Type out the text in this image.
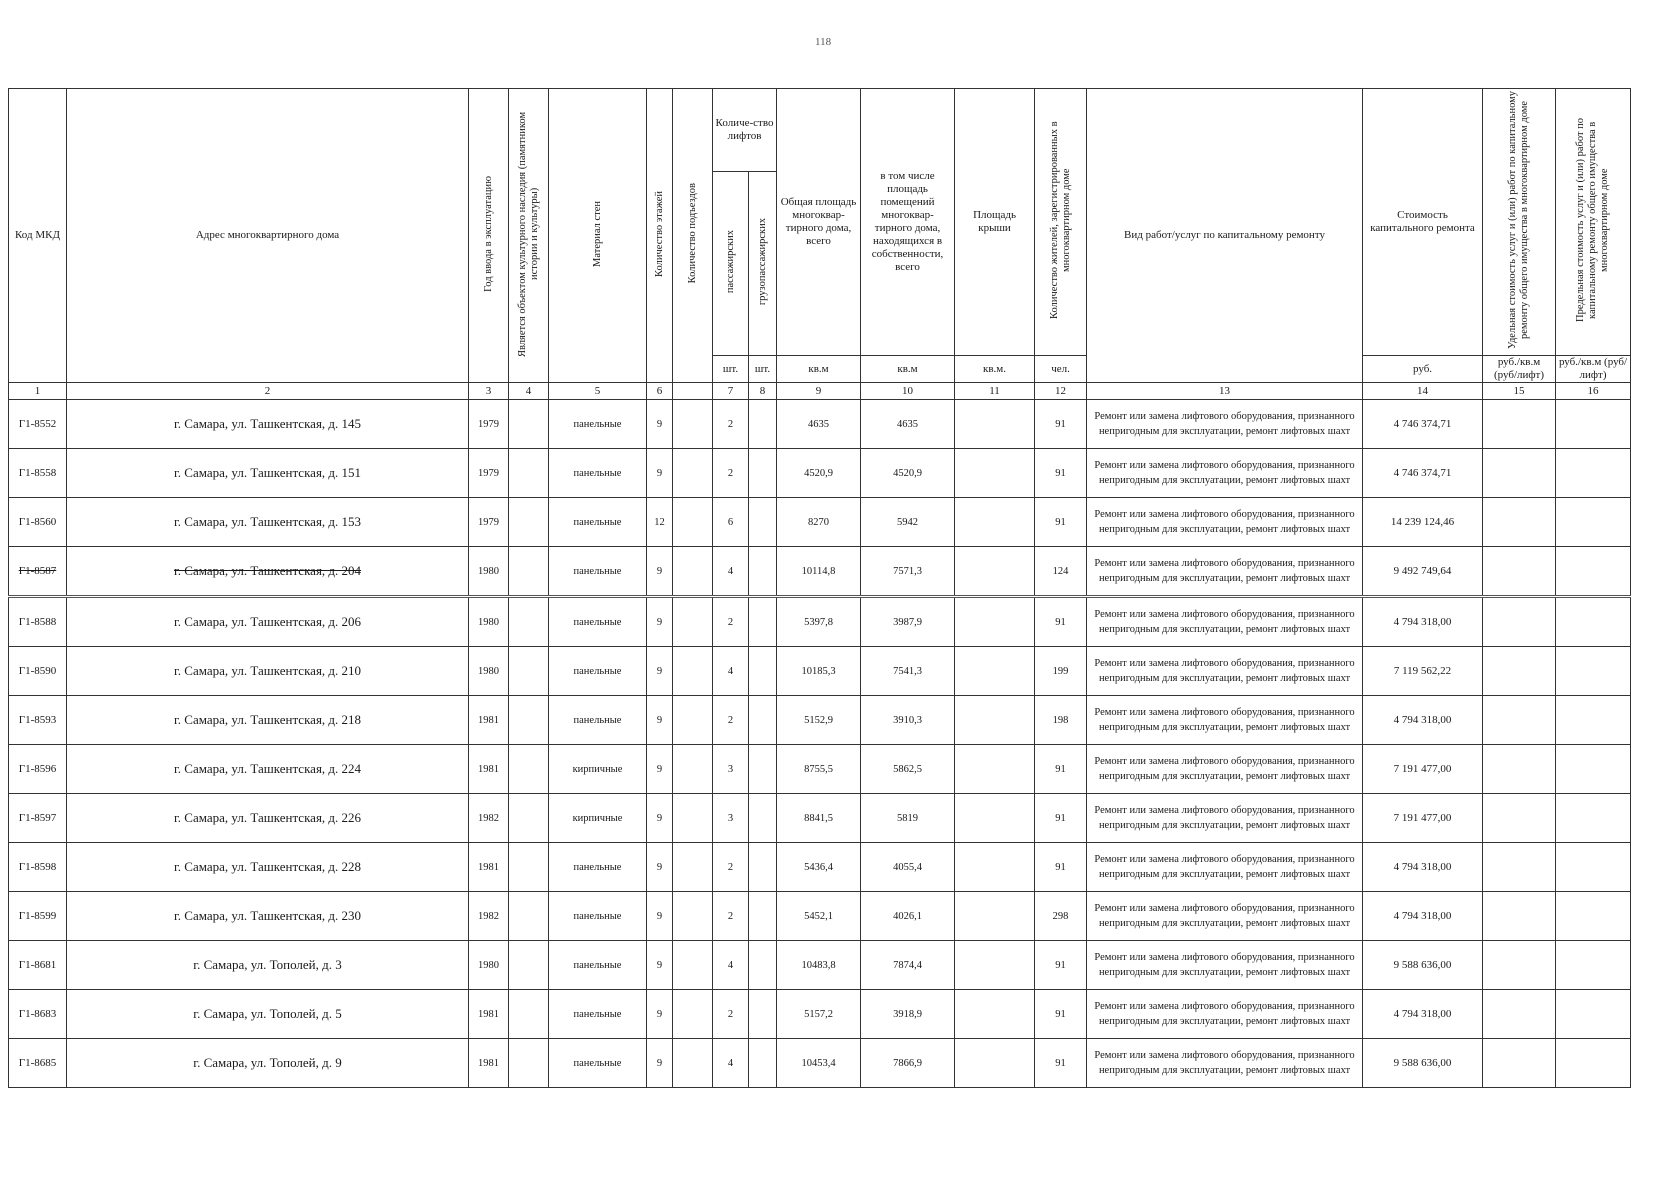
118
Код МКД	Адрес многоквартирного дома	Год ввода в эксплуатацию	Является объектом культурного наследия (памятником истории и культуры)	Материал стен	Количество этажей	Количество подъездов	Количе-ство лифтов		Общая площадь многоквар-тирного дома, всего	в том числе площадь помещений многоквар-тирного дома, находящихся в собственности, всего	Площадь крыши	Количество жителей, зарегистрированных в многоквартирном доме	Вид работ/услуг по капитальному ремонту	Стоимость капитального ремонта	Удельная стоимость услуг и (или) работ по капитальному ремонту общего имущества в многоквартирном доме	Предельная стоимость услуг и (или) работ по капитальному ремонту общего имущества в многоквартирном доме
							пассажирских	грузопассажирских								
							шт.	шт.	кв.м	кв.м	кв.м.	чел.		руб.	руб./кв.м (руб/лифт)	руб./кв.м (руб/лифт)
1	2	3	4	5	6		7	8	9	10	11	12	13	14	15	16
Г1-8552	г. Самара, ул. Ташкентская, д. 145	1979		панельные	9		2		4635	4635		91	Ремонт или замена лифтового оборудования, признанного непригодным для эксплуатации, ремонт лифтовых шахт	4 746 374,71		
Г1-8558	г. Самара, ул. Ташкентская, д. 151	1979		панельные	9		2		4520,9	4520,9		91	Ремонт или замена лифтового оборудования, признанного непригодным для эксплуатации, ремонт лифтовых шахт	4 746 374,71		
Г1-8560	г. Самара, ул. Ташкентская, д. 153	1979		панельные	12		6		8270	5942		91	Ремонт или замена лифтового оборудования, признанного непригодным для эксплуатации, ремонт лифтовых шахт	14 239 124,46		
Г1-8587	г. Самара, ул. Ташкентская, д. 204	1980		панельные	9		4		10114,8	7571,3		124	Ремонт или замена лифтового оборудования, признанного непригодным для эксплуатации, ремонт лифтовых шахт	9 492 749,64		
Г1-8588	г. Самара, ул. Ташкентская, д. 206	1980		панельные	9		2		5397,8	3987,9		91	Ремонт или замена лифтового оборудования, признанного непригодным для эксплуатации, ремонт лифтовых шахт	4 794 318,00		
Г1-8590	г. Самара, ул. Ташкентская, д. 210	1980		панельные	9		4		10185,3	7541,3		199	Ремонт или замена лифтового оборудования, признанного непригодным для эксплуатации, ремонт лифтовых шахт	7 119 562,22		
Г1-8593	г. Самара, ул. Ташкентская, д. 218	1981		панельные	9		2		5152,9	3910,3		198	Ремонт или замена лифтового оборудования, признанного непригодным для эксплуатации, ремонт лифтовых шахт	4 794 318,00		
Г1-8596	г. Самара, ул. Ташкентская, д. 224	1981		кирпичные	9		3		8755,5	5862,5		91	Ремонт или замена лифтового оборудования, признанного непригодным для эксплуатации, ремонт лифтовых шахт	7 191 477,00		
Г1-8597	г. Самара, ул. Ташкентская, д. 226	1982		кирпичные	9		3		8841,5	5819		91	Ремонт или замена лифтового оборудования, признанного непригодным для эксплуатации, ремонт лифтовых шахт	7 191 477,00		
Г1-8598	г. Самара, ул. Ташкентская, д. 228	1981		панельные	9		2		5436,4	4055,4		91	Ремонт или замена лифтового оборудования, признанного непригодным для эксплуатации, ремонт лифтовых шахт	4 794 318,00		
Г1-8599	г. Самара, ул. Ташкентская, д. 230	1982		панельные	9		2		5452,1	4026,1		298	Ремонт или замена лифтового оборудования, признанного непригодным для эксплуатации, ремонт лифтовых шахт	4 794 318,00		
Г1-8681	г. Самара, ул. Тополей, д. 3	1980		панельные	9		4		10483,8	7874,4		91	Ремонт или замена лифтового оборудования, признанного непригодным для эксплуатации, ремонт лифтовых шахт	9 588 636,00		
Г1-8683	г. Самара, ул. Тополей, д. 5	1981		панельные	9		2		5157,2	3918,9		91	Ремонт или замена лифтового оборудования, признанного непригодным для эксплуатации, ремонт лифтовых шахт	4 794 318,00		
Г1-8685	г. Самара, ул. Тополей, д. 9	1981		панельные	9		4		10453,4	7866,9		91	Ремонт или замена лифтового оборудования, признанного непригодным для эксплуатации, ремонт лифтовых шахт	9 588 636,00		
